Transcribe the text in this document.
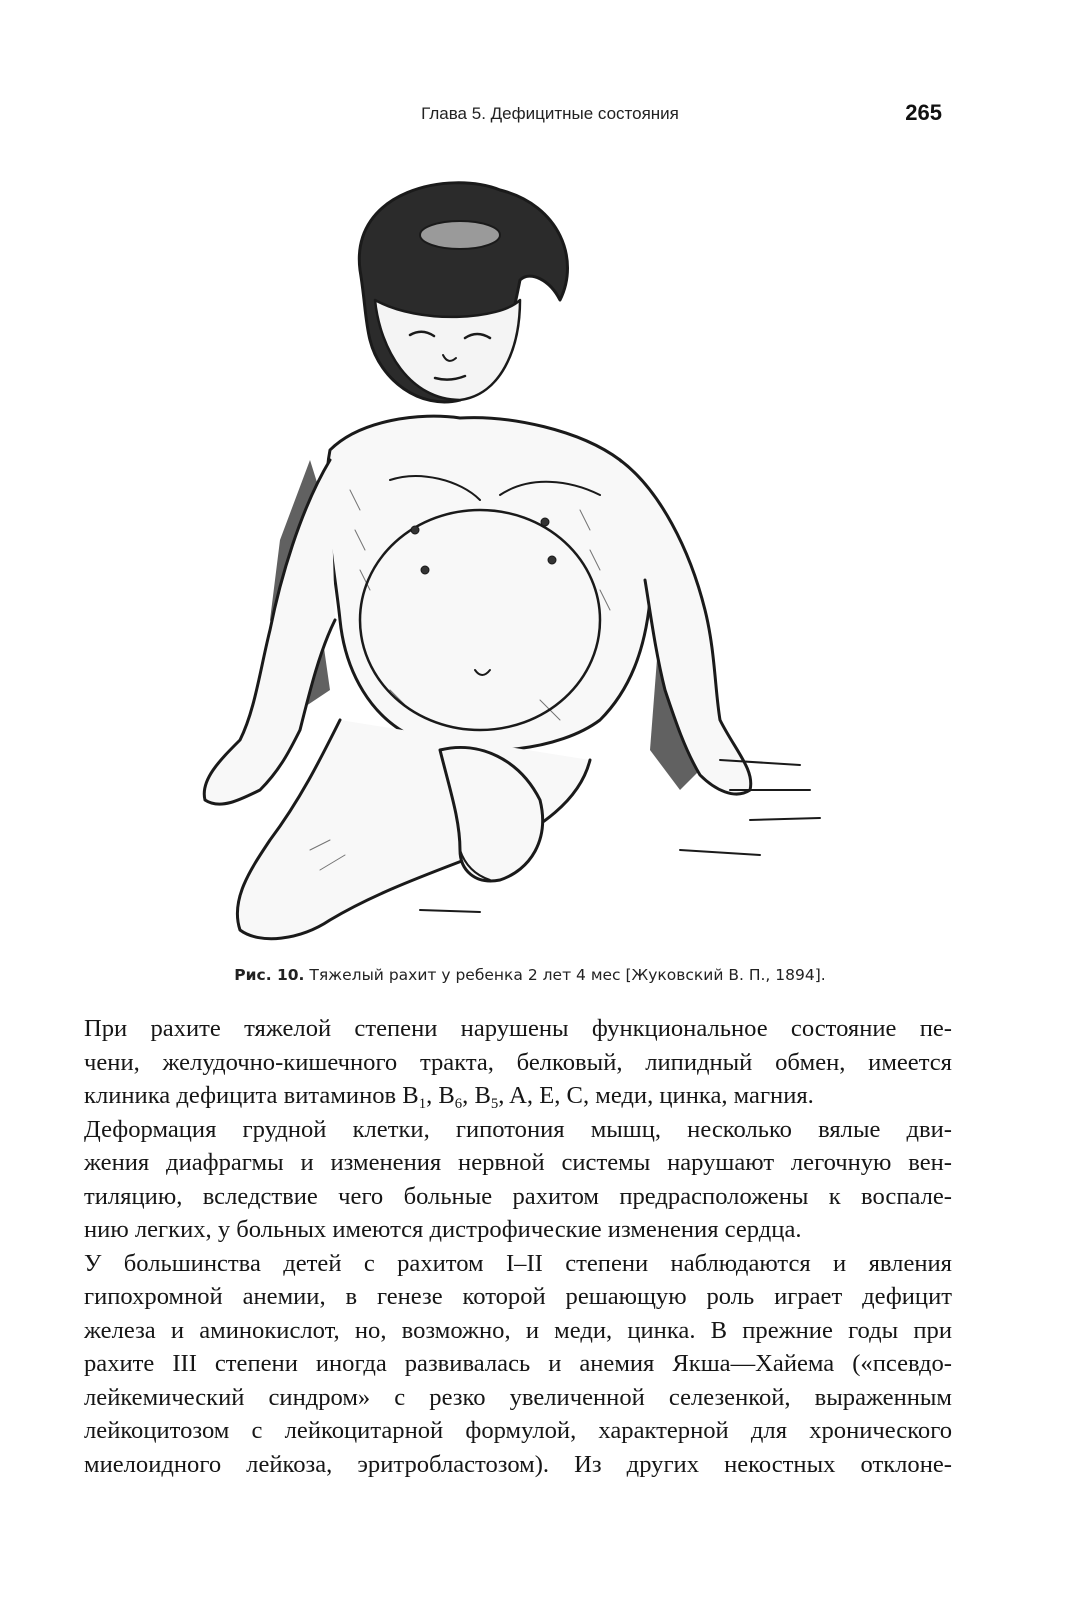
Глава 5. Дефицитные состояния	265
Рис. 10. Тяжелый рахит у ребенка 2 лет 4 мес [Жуковский В. П., 1894].
При рахите тяжелой степени нарушены функциональное состояние пе-
чени, желудочно-кишечного тракта, белковый, липидный обмен, имеется
клиника дефицита витаминов $B_1$, $B_6$, $B_5$, A, E, C, меди, цинка, магния.
Деформация грудной клетки, гипотония мышц, несколько вялые дви-
жения диафрагмы и изменения нервной системы нарушают легочную вен-
тиляцию, вследствие чего больные рахитом предрасположены к воспале-
нию легких, у больных имеются дистрофические изменения сердца.
У большинства детей с рахитом I–II степени наблюдаются и явления
гипохромной анемии, в генезе которой решающую роль играет дефицит
железа и аминокислот, но, возможно, и меди, цинка. В прежние годы при
рахите III степени иногда развивалась и анемия Якша—Хайема («псевдо-
лейкемический синдром» с резко увеличенной селезенкой, выраженным
лейкоцитозом с лейкоцитарной формулой, характерной для хронического
миелоидного лейкоза, эритробластозом). Из других некостных отклоне-
